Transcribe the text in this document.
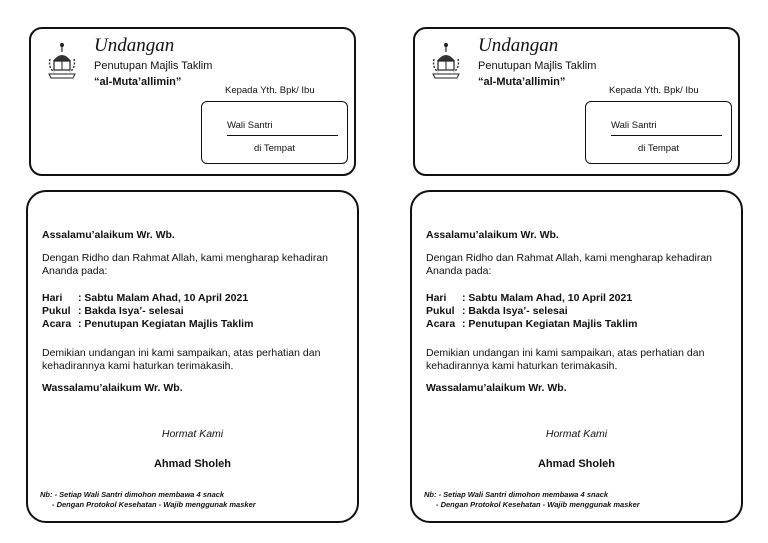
Undangan
Penutupan Majlis Taklim
“al-Muta’allimin”
Kepada Yth. Bpk/ Ibu
Wali Santri
di Tempat
Assalamu’alaikum Wr. Wb.
Dengan Ridho dan Rahmat Allah, kami mengharap kehadiran Ananda pada:
Hari : Sabtu Malam Ahad, 10 April 2021
Pukul : Bakda Isya’- selesai
Acara : Penutupan Kegiatan Majlis Taklim
Demikian undangan ini kami sampaikan, atas perhatian dan kehadirannya kami haturkan terimakasih.
Wassalamu’alaikum Wr. Wb.
Hormat Kami
Ahmad Sholeh
Nb: - Setiap Wali Santri dimohon membawa 4 snack
- Dengan Protokol Kesehatan - Wajib menggunak masker
Undangan
Penutupan Majlis Taklim
“al-Muta’allimin”
Kepada Yth. Bpk/ Ibu
Wali Santri
di Tempat
Assalamu’alaikum Wr. Wb.
Dengan Ridho dan Rahmat Allah, kami mengharap kehadiran Ananda pada:
Hari : Sabtu Malam Ahad, 10 April 2021
Pukul : Bakda Isya’- selesai
Acara : Penutupan Kegiatan Majlis Taklim
Demikian undangan ini kami sampaikan, atas perhatian dan kehadirannya kami haturkan terimakasih.
Wassalamu’alaikum Wr. Wb.
Hormat Kami
Ahmad Sholeh
Nb: - Setiap Wali Santri dimohon membawa 4 snack
- Dengan Protokol Kesehatan - Wajib menggunak masker
